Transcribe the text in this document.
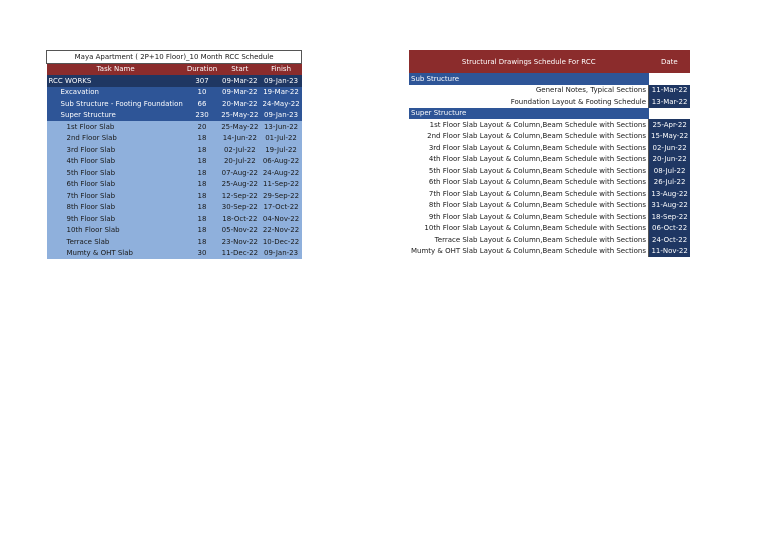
Maya Apartment ( 2P+10 Floor)_10 Month RCC Schedule			
Task Name	Duration	Start	Finish
RCC WORKS	307	09-Mar-22	09-Jan-23
Excavation	10	09-Mar-22	19-Mar-22
Sub Structure - Footing Foundation	66	20-Mar-22	24-May-22
Super Structure	230	25-May-22	09-Jan-23
1st Floor Slab	20	25-May-22	13-Jun-22
2nd Floor Slab	18	14-Jun-22	01-Jul-22
3rd Floor Slab	18	02-Jul-22	19-Jul-22
4th Floor Slab	18	20-Jul-22	06-Aug-22
5th Floor Slab	18	07-Aug-22	24-Aug-22
6th Floor Slab	18	25-Aug-22	11-Sep-22
7th Floor Slab	18	12-Sep-22	29-Sep-22
8th Floor Slab	18	30-Sep-22	17-Oct-22
9th Floor Slab	18	18-Oct-22	04-Nov-22
10th Floor Slab	18	05-Nov-22	22-Nov-22
Terrace Slab	18	23-Nov-22	10-Dec-22
Mumty & OHT Slab	30	11-Dec-22	09-Jan-23
Structural Drawings Schedule For RCC	Date
Sub Structure	
General Notes, Typical Sections	11-Mar-22
Foundation Layout & Footing Schedule	13-Mar-22
Super Structure	
1st Floor Slab Layout & Column,Beam Schedule with Sections	25-Apr-22
2nd Floor Slab Layout & Column,Beam Schedule with Sections	15-May-22
3rd Floor Slab Layout & Column,Beam Schedule with Sections	02-Jun-22
4th Floor Slab Layout & Column,Beam Schedule with Sections	20-Jun-22
5th Floor Slab Layout & Column,Beam Schedule with Sections	08-Jul-22
6th Floor Slab Layout & Column,Beam Schedule with Sections	26-Jul-22
7th Floor Slab Layout & Column,Beam Schedule with Sections	13-Aug-22
8th Floor Slab Layout & Column,Beam Schedule with Sections	31-Aug-22
9th Floor Slab Layout & Column,Beam Schedule with Sections	18-Sep-22
10th Floor Slab Layout & Column,Beam Schedule with Sections	06-Oct-22
Terrace Slab Layout & Column,Beam Schedule with Sections	24-Oct-22
Mumty & OHT Slab Layout & Column,Beam Schedule with Sections	11-Nov-22
